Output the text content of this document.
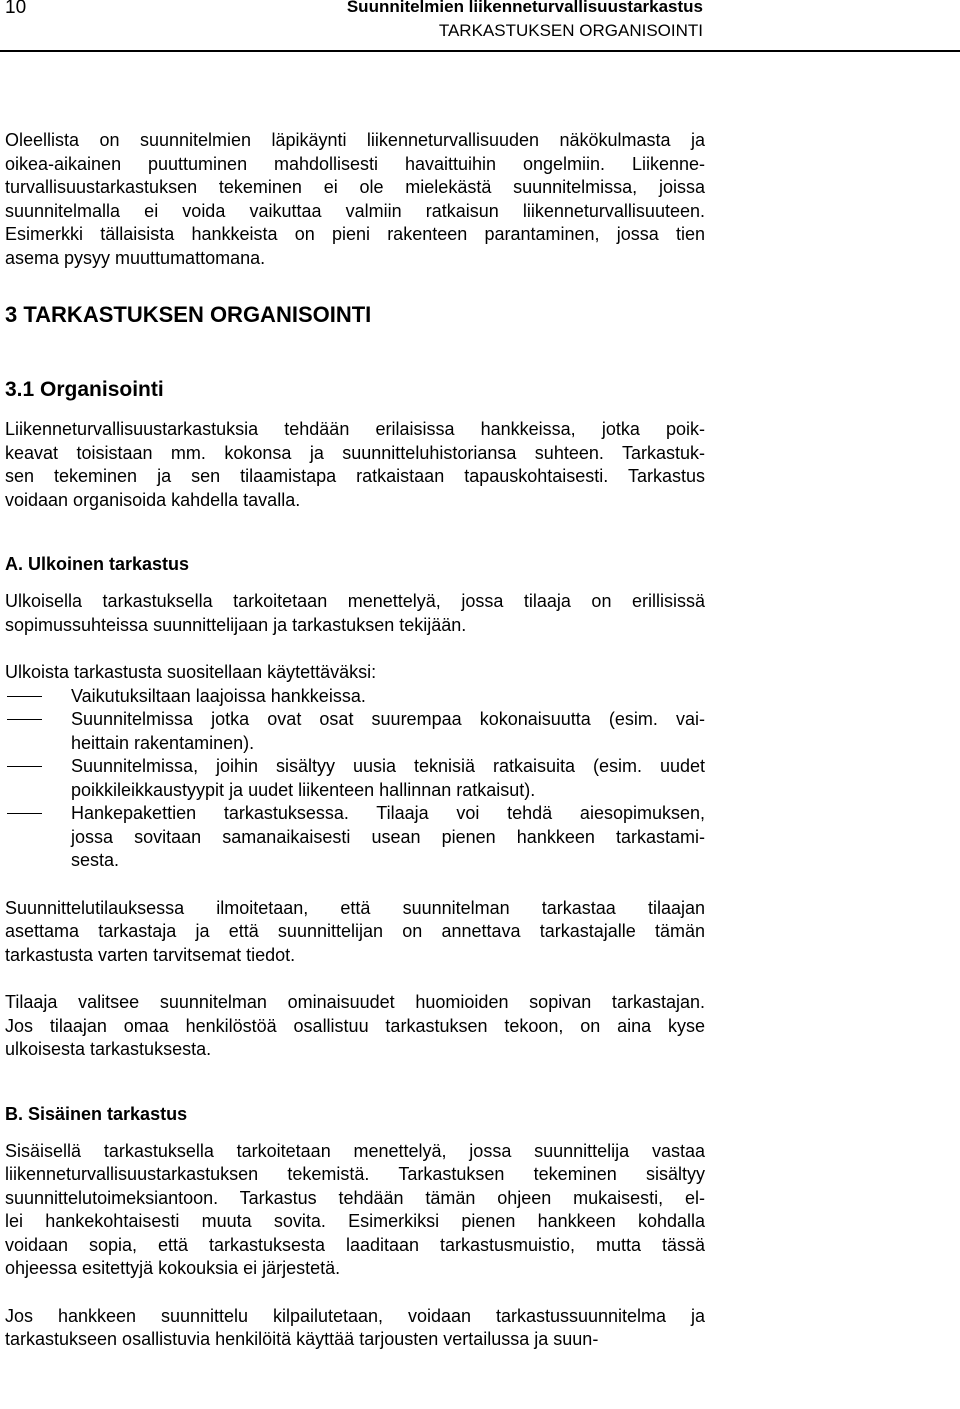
10	Suunnitelmien liikenneturvallisuustarkastus
TARKASTUKSEN ORGANISOINTI

Oleellista on suunnitelmien läpikäynti liikenneturvallisuuden näkökulmasta ja
oikea-aikainen puuttuminen mahdollisesti havaittuihin ongelmiin. Liikenne-
turvallisuustarkastuksen tekeminen ei ole mielekästä suunnitelmissa, joissa
suunnitelmalla ei voida vaikuttaa valmiin ratkaisun liikenneturvallisuuteen.
Esimerkki tällaisista hankkeista on pieni rakenteen parantaminen, jossa tien
asema pysyy muuttumattomana.

3 TARKASTUKSEN ORGANISOINTI
3.1 Organisointi

Liikenneturvallisuustarkastuksia tehdään erilaisissa hankkeissa, jotka poik-
keavat toisistaan mm. kokonsa ja suunnitteluhistoriansa suhteen. Tarkastuk-
sen tekeminen ja sen tilaamistapa ratkaistaan tapauskohtaisesti. Tarkastus
voidaan organisoida kahdella tavalla.

A. Ulkoinen tarkastus

Ulkoisella tarkastuksella tarkoitetaan menettelyä, jossa tilaaja on erillisissä
sopimussuhteissa suunnittelijaan ja tarkastuksen tekijään.

Ulkoista tarkastusta suositellaan käytettäväksi:

Vaikutuksiltaan laajoissa hankkeissa.
Suunnitelmissa jotka ovat osat suurempaa kokonaisuutta (esim. vai-
heittain rakentaminen).
Suunnitelmissa, joihin sisältyy uusia teknisiä ratkaisuita (esim. uudet
poikkileikkaustyypit ja uudet liikenteen hallinnan ratkaisut).
Hankepakettien tarkastuksessa. Tilaaja voi tehdä aiesopimuksen,
jossa sovitaan samanaikaisesti usean pienen hankkeen tarkastami-
sesta.

Suunnittelutilauksessa ilmoitetaan, että suunnitelman tarkastaa tilaajan
asettama tarkastaja ja että suunnittelijan on annettava tarkastajalle tämän
tarkastusta varten tarvitsemat tiedot.

Tilaaja valitsee suunnitelman ominaisuudet huomioiden sopivan tarkastajan.
Jos tilaajan omaa henkilöstöä osallistuu tarkastuksen tekoon, on aina kyse
ulkoisesta tarkastuksesta.

B. Sisäinen tarkastus

Sisäisellä tarkastuksella tarkoitetaan menettelyä, jossa suunnittelija vastaa
liikenneturvallisuustarkastuksen tekemistä. Tarkastuksen tekeminen sisältyy
suunnittelutoimeksiantoon. Tarkastus tehdään tämän ohjeen mukaisesti, el-
lei hankekohtaisesti muuta sovita. Esimerkiksi pienen hankkeen kohdalla
voidaan sopia, että tarkastuksesta laaditaan tarkastusmuistio, mutta tässä
ohjeessa esitettyjä kokouksia ei järjestetä.

Jos hankkeen suunnittelu kilpailutetaan, voidaan tarkastussuunnitelma ja
tarkastukseen osallistuvia henkilöitä käyttää tarjousten vertailussa ja suun-
